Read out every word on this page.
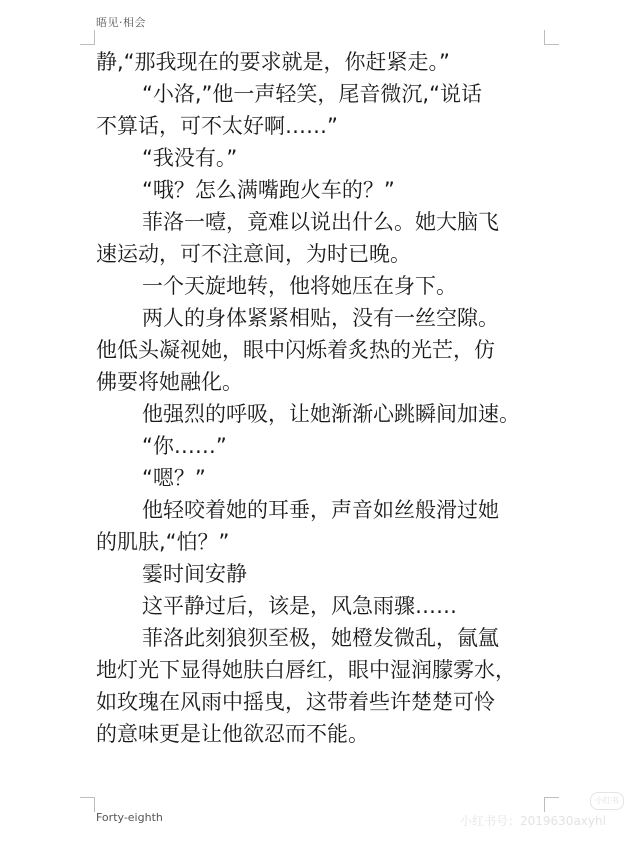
晤见·相会
静,“那我现在的要求就是，你赶紧走。”
“小洛,”他一声轻笑，尾音微沉,“说话
不算话，可不太好啊……”
“我没有。”
“哦？怎么满嘴跑火车的？”
菲洛一噎，竟难以说出什么。她大脑飞
速运动，可不注意间，为时已晚。
一个天旋地转，他将她压在身下。
两人的身体紧紧相贴，没有一丝空隙。
他低头凝视她，眼中闪烁着炙热的光芒，仿
佛要将她融化。
他强烈的呼吸，让她渐渐心跳瞬间加速。
“你……”
“嗯？”
他轻咬着她的耳垂，声音如丝般滑过她
的肌肤,“怕？”
霎时间安静
这平静过后，该是，风急雨骤……
菲洛此刻狼狈至极，她橙发微乱，氤氲
地灯光下显得她肤白唇红，眼中湿润朦雾水，
如玫瑰在风雨中摇曳，这带着些许楚楚可怜
的意味更是让他欲忍而不能。
Forty-eighth
小红书
小红书号：2019630axyhl
